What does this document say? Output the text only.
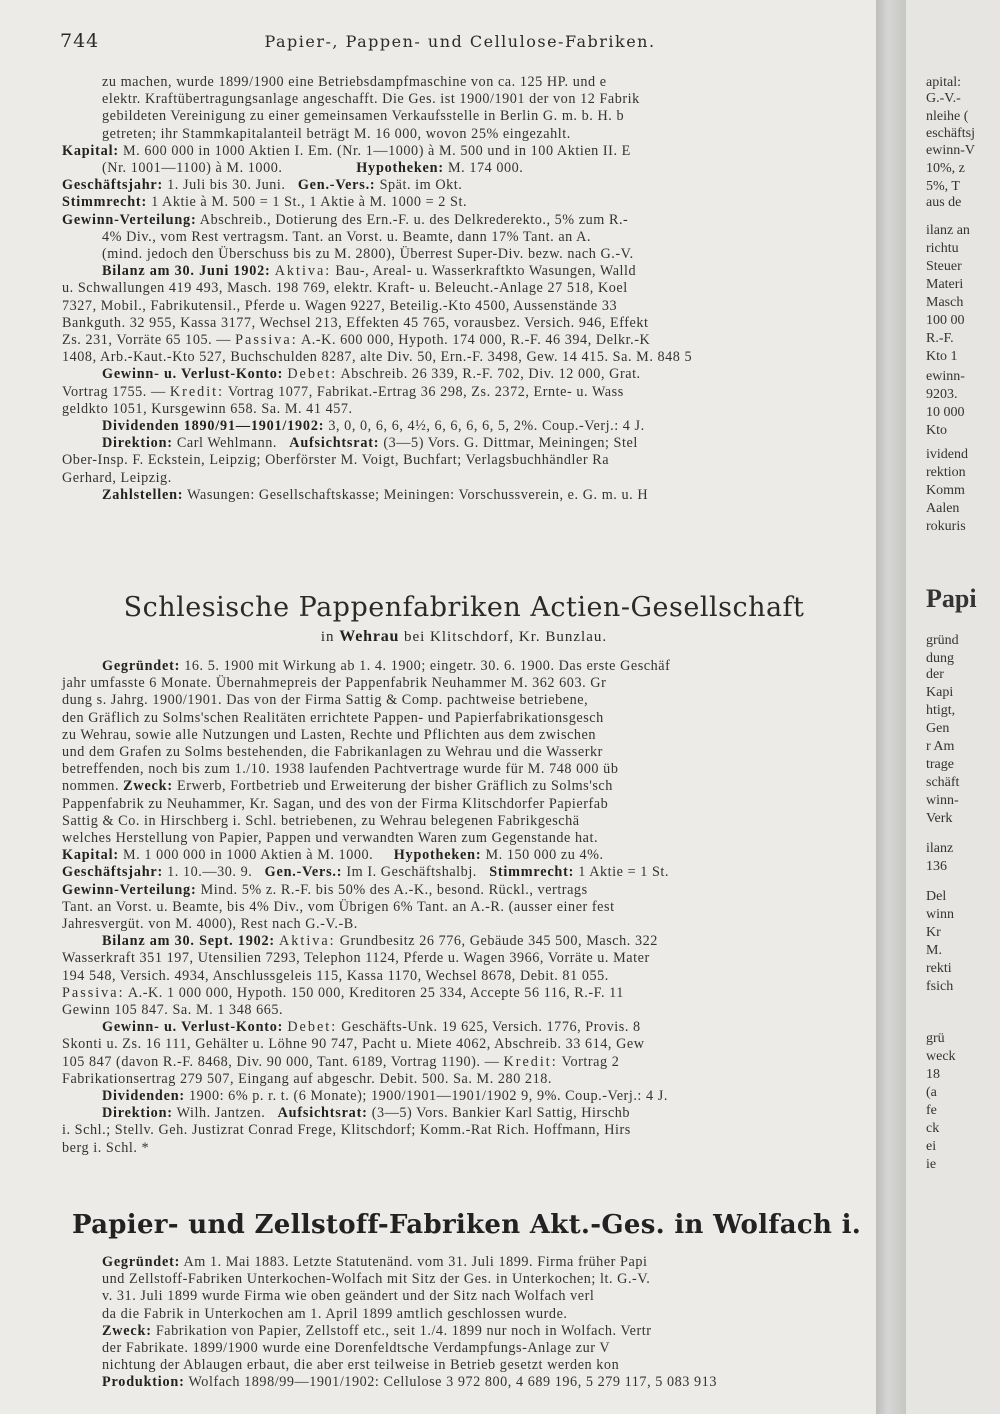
744	Papier-, Pappen- und Cellulose-Fabriken.

zu machen, wurde 1899/1900 eine Betriebsdampfmaschine von ca. 125 HP. und e

elektr. Kraftübertragungsanlage angeschafft. Die Ges. ist 1900/1901 der von 12 Fabrik

gebildeten Vereinigung zu einer gemeinsamen Verkaufsstelle in Berlin G. m. b. H. b

getreten; ihr Stammkapitalanteil beträgt M. 16 000, wovon 25% eingezahlt.

Kapital: M. 600 000 in 1000 Aktien I. Em. (Nr. 1—1000) à M. 500 und in 100 Aktien II. E

(Nr. 1001—1100) à M. 1000.	Hypotheken: M. 174 000.

Geschäftsjahr: 1. Juli bis 30. Juni. Gen.-Vers.: Spät. im Okt.

Stimmrecht: 1 Aktie à M. 500 = 1 St., 1 Aktie à M. 1000 = 2 St.

Gewinn-Verteilung: Abschreib., Dotierung des Ern.-F. u. des Delkrederekto., 5% zum R.-

4% Div., vom Rest vertragsm. Tant. an Vorst. u. Beamte, dann 17% Tant. an A.

(mind. jedoch den Überschuss bis zu M. 2800), Überrest Super-Div. bezw. nach G.-V.

Bilanz am 30. Juni 1902: Aktiva: Bau-, Areal- u. Wasserkraftkto Wasungen, Walld

u. Schwallungen 419 493, Masch. 198 769, elektr. Kraft- u. Beleucht.-Anlage 27 518, Koel

7327, Mobil., Fabrikutensil., Pferde u. Wagen 9227, Beteilig.-Kto 4500, Aussenstände 33

Bankguth. 32 955, Kassa 3177, Wechsel 213, Effekten 45 765, vorausbez. Versich. 946, Effekt

Zs. 231, Vorräte 65 105. — Passiva: A.-K. 600 000, Hypoth. 174 000, R.-F. 46 394, Delkr.-K

1408, Arb.-Kaut.-Kto 527, Buchschulden 8287, alte Div. 50, Ern.-F. 3498, Gew. 14 415. Sa. M. 848 5

Gewinn- u. Verlust-Konto: Debet: Abschreib. 26 339, R.-F. 702, Div. 12 000, Grat.

Vortrag 1755. — Kredit: Vortrag 1077, Fabrikat.-Ertrag 36 298, Zs. 2372, Ernte- u. Wass

geldkto 1051, Kursgewinn 658. Sa. M. 41 457.

Dividenden 1890/91—1901/1902: 3, 0, 0, 6, 6, 4½, 6, 6, 6, 6, 5, 2%. Coup.-Verj.: 4 J.

Direktion: Carl Wehlmann. Aufsichtsrat: (3—5) Vors. G. Dittmar, Meiningen; Stel

Ober-Insp. F. Eckstein, Leipzig; Oberförster M. Voigt, Buchfart; Verlagsbuchhändler Ra

Gerhard, Leipzig.

Zahlstellen: Wasungen: Gesellschaftskasse; Meiningen: Vorschussverein, e. G. m. u. H

Schlesische Pappenfabriken Actien-Gesellschaft
in Wehrau bei Klitschdorf, Kr. Bunzlau.

Gegründet: 16. 5. 1900 mit Wirkung ab 1. 4. 1900; eingetr. 30. 6. 1900. Das erste Geschäf

jahr umfasste 6 Monate. Übernahmepreis der Pappenfabrik Neuhammer M. 362 603. Gr

dung s. Jahrg. 1900/1901. Das von der Firma Sattig & Comp. pachtweise betriebene,

den Gräflich zu Solms'schen Realitäten errichtete Pappen- und Papierfabrikationsgesch

zu Wehrau, sowie alle Nutzungen und Lasten, Rechte und Pflichten aus dem zwischen

und dem Grafen zu Solms bestehenden, die Fabrikanlagen zu Wehrau und die Wasserkr

betreffenden, noch bis zum 1./10. 1938 laufenden Pachtvertrage wurde für M. 748 000 üb

nommen. Zweck: Erwerb, Fortbetrieb und Erweiterung der bisher Gräflich zu Solms'sch

Pappenfabrik zu Neuhammer, Kr. Sagan, und des von der Firma Klitschdorfer Papierfab

Sattig & Co. in Hirschberg i. Schl. betriebenen, zu Wehrau belegenen Fabrikgeschä

welches Herstellung von Papier, Pappen und verwandten Waren zum Gegenstande hat.

Kapital: M. 1 000 000 in 1000 Aktien à M. 1000. Hypotheken: M. 150 000 zu 4%.

Geschäftsjahr: 1. 10.—30. 9. Gen.-Vers.: Im I. Geschäftshalbj. Stimmrecht: 1 Aktie = 1 St.

Gewinn-Verteilung: Mind. 5% z. R.-F. bis 50% des A.-K., besond. Rückl., vertrags

Tant. an Vorst. u. Beamte, bis 4% Div., vom Übrigen 6% Tant. an A.-R. (ausser einer fest

Jahresvergüt. von M. 4000), Rest nach G.-V.-B.

Bilanz am 30. Sept. 1902: Aktiva: Grundbesitz 26 776, Gebäude 345 500, Masch. 322

Wasserkraft 351 197, Utensilien 7293, Telephon 1124, Pferde u. Wagen 3966, Vorräte u. Mater

194 548, Versich. 4934, Anschlussgeleis 115, Kassa 1170, Wechsel 8678, Debit. 81 055.

Passiva: A.-K. 1 000 000, Hypoth. 150 000, Kreditoren 25 334, Accepte 56 116, R.-F. 11

Gewinn 105 847. Sa. M. 1 348 665.

Gewinn- u. Verlust-Konto: Debet: Geschäfts-Unk. 19 625, Versich. 1776, Provis. 8

Skonti u. Zs. 16 111, Gehälter u. Löhne 90 747, Pacht u. Miete 4062, Abschreib. 33 614, Gew

105 847 (davon R.-F. 8468, Div. 90 000, Tant. 6189, Vortrag 1190). — Kredit: Vortrag 2

Fabrikationsertrag 279 507, Eingang auf abgeschr. Debit. 500. Sa. M. 280 218.

Dividenden: 1900: 6% p. r. t. (6 Monate); 1900/1901—1901/1902 9, 9%. Coup.-Verj.: 4 J.

Direktion: Wilh. Jantzen. Aufsichtsrat: (3—5) Vors. Bankier Karl Sattig, Hirschb

i. Schl.; Stellv. Geh. Justizrat Conrad Frege, Klitschdorf; Komm.-Rat Rich. Hoffmann, Hirs

berg i. Schl. *

Papier- und Zellstoff-Fabriken Akt.-Ges. in Wolfach i.

Gegründet: Am 1. Mai 1883. Letzte Statutenänd. vom 31. Juli 1899. Firma früher Papi

und Zellstoff-Fabriken Unterkochen-Wolfach mit Sitz der Ges. in Unterkochen; lt. G.-V.

v. 31. Juli 1899 wurde Firma wie oben geändert und der Sitz nach Wolfach verl

da die Fabrik in Unterkochen am 1. April 1899 amtlich geschlossen wurde.

Zweck: Fabrikation von Papier, Zellstoff etc., seit 1./4. 1899 nur noch in Wolfach. Vertr

der Fabrikate. 1899/1900 wurde eine Dorenfeldtsche Verdampfungs-Anlage zur V

nichtung der Ablaugen erbaut, die aber erst teilweise in Betrieb gesetzt werden kon

Produktion: Wolfach 1898/99—1901/1902: Cellulose 3 972 800, 4 689 196, 5 279 117, 5 083 913

apital:
G.-V.-
nleihe (
eschäftsj
ewinn-V
10%, z
5%, T
aus de
ilanz an
richtu
Steuer
Materi
Masch
100 00
R.-F.
Kto 1
ewinn-
9203.
10 000
Kto
ividend
rektion
Komm
Aalen
rokuris
Papi
gründ
dung
der
Kapi
htigt,
Gen
r Am
trage
schäft
winn-
Verk
ilanz
136
Del
winn
Kr
M.
rekti
fsich
grü
weck
18
(a
fe
ck
ei
ie
